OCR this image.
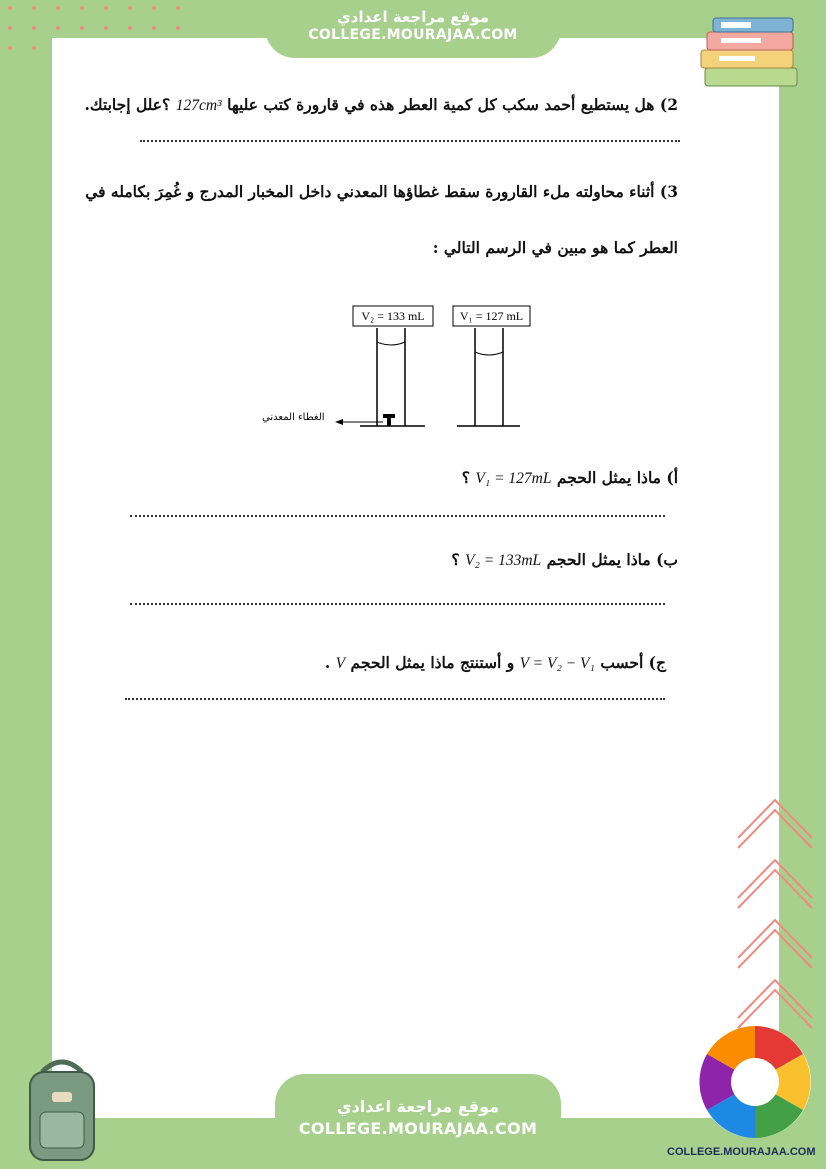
موقع مراجعة اعدادي
COLLEGE.MOURAJAA.COM
2) هل يستطيع أحمد سكب كل كمية العطر هذه في قارورة كتب عليها 127cm³ ؟علل إجابتك.
3) أثناء محاولته ملء القارورة سقط غطاؤها المعدني داخل المخبار المدرج و غُمِرَ بكامله في
العطر كما هو مبين في الرسم التالي :
V₂ = 133 mL	V₁ = 127 mL
الغطاء المعدني
أ) ماذا يمثل الحجم V₁ = 127mL ؟
ب) ماذا يمثل الحجم V₂ = 133mL ؟
ج) أحسب V = V₂ − V₁ و أستنتج ماذا يمثل الحجم V .
COLLEGE.MOURAJAA.COM
موقع مراجعة اعدادي
COLLEGE.MOURAJAA.COM
